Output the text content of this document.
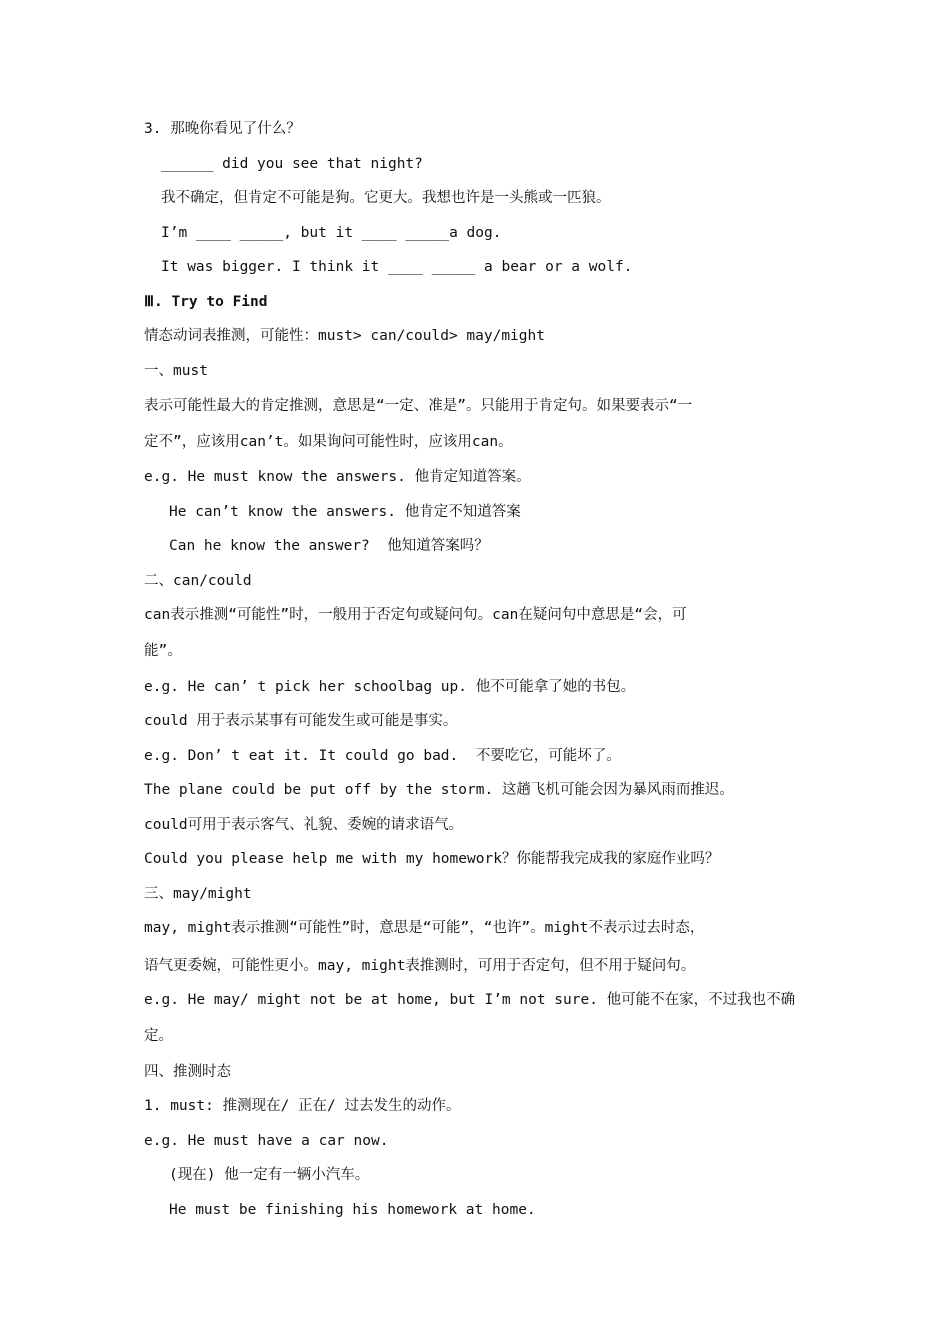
3. 那晚你看见了什么？
______ did you see that night?
我不确定，但肯定不可能是狗。它更大。我想也许是一头熊或一匹狼。
I’m ____ _____, but it ____ _____a dog.
It was bigger. I think it ____ _____ a bear or a wolf.
Ⅲ. Try to Find
情态动词表推测，可能性：must> can/could> may/might
一、must
表示可能性最大的肯定推测，意思是“一定、准是”。只能用于肯定句。如果要表示“一
定不”，应该用can’t。如果询问可能性时，应该用can。
e.g. He must know the answers. 他肯定知道答案。
He can’t know the answers. 他肯定不知道答案
Can he know the answer?  他知道答案吗？
二、can/could
can表示推测“可能性”时，一般用于否定句或疑问句。can在疑问句中意思是“会，可
能”。
e.g. He can’ t pick her schoolbag up. 他不可能拿了她的书包。
could 用于表示某事有可能发生或可能是事实。
e.g. Don’ t eat it. It could go bad.  不要吃它，可能坏了。
The plane could be put off by the storm. 这趟飞机可能会因为暴风雨而推迟。
could可用于表示客气、礼貌、委婉的请求语气。
Could you please help me with my homework？你能帮我完成我的家庭作业吗？
三、may/might
may, might表示推测“可能性”时，意思是“可能”，“也许”。might不表示过去时态，
语气更委婉，可能性更小。may, might表推测时，可用于否定句，但不用于疑问句。
e.g. He may/ might not be at home, but I’m not sure. 他可能不在家，不过我也不确
定。
四、推测时态
1. must: 推测现在/ 正在/ 过去发生的动作。
e.g. He must have a car now.
(现在) 他一定有一辆小汽车。
He must be finishing his homework at home.
